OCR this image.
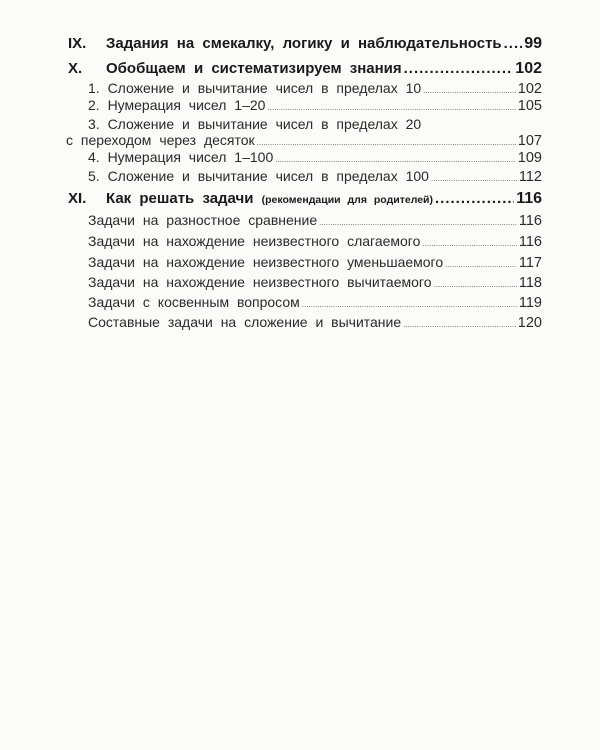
IX. Задания на смекалку, логику и наблюдательность ..... 99
X. Обобщаем и систематизируем знания .....	102
1. Сложение и вычитание чисел в пределах 10 .....	102
2. Нумерация чисел 1–20 .....	105
3. Сложение и вычитание чисел в пределах 20
с переходом через десяток .....	107
4. Нумерация чисел 1–100 .....	109
5. Сложение и вычитание чисел в пределах 100 .....	112
XI. Как решать задачи (рекомендации для родителей) .....	116
Задачи на разностное сравнение .....	116
Задачи на нахождение неизвестного слагаемого .....	116
Задачи на нахождение неизвестного уменьшаемого .....	117
Задачи на нахождение неизвестного вычитаемого .....	118
Задачи с косвенным вопросом .....	119
Составные задачи на сложение и вычитание .....	120
